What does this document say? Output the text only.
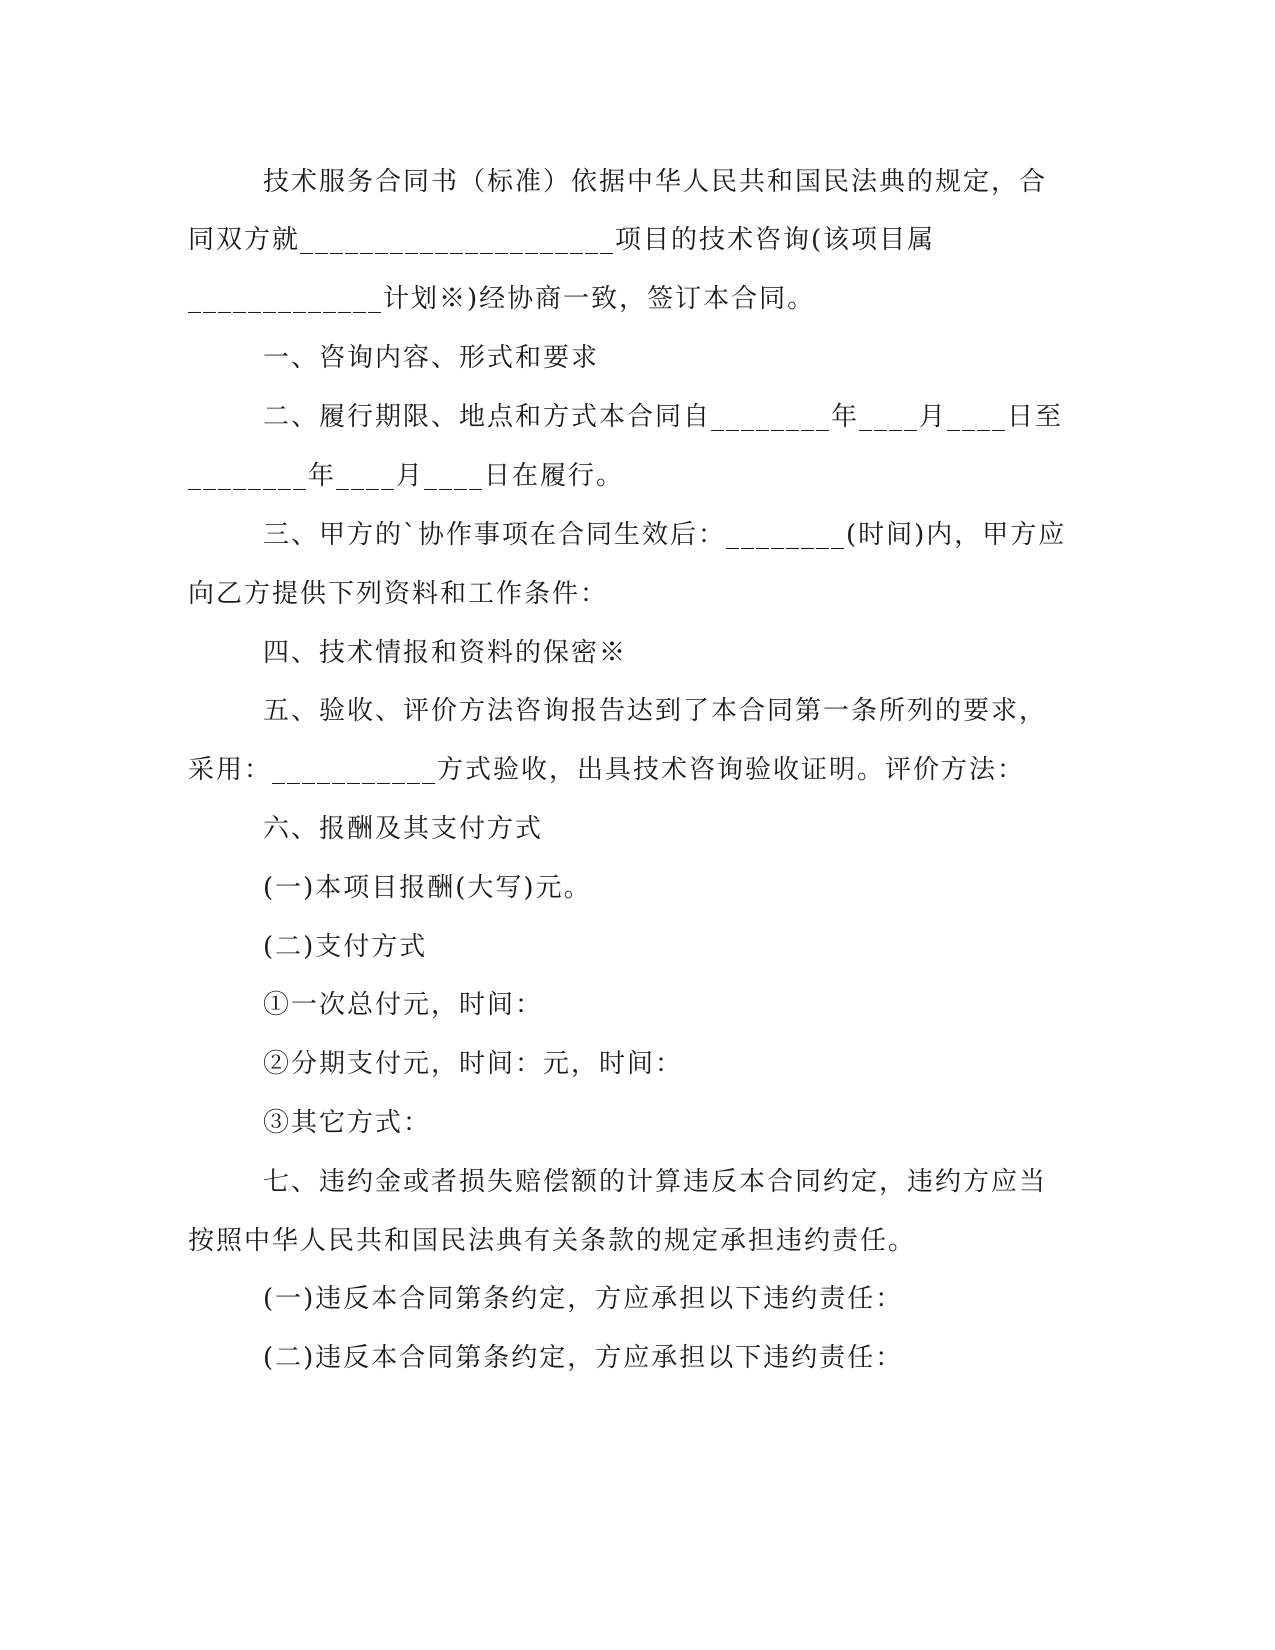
技术服务合同书（标准）依据中华人民共和国民法典的规定，合
同双方就_____________________项目的技术咨询(该项目属
_____________计划※)经协商一致，签订本合同。
一、咨询内容、形式和要求
二、履行期限、地点和方式本合同自________年____月____日至
________年____月____日在履行。
三、甲方的`协作事项在合同生效后：________(时间)内，甲方应
向乙方提供下列资料和工作条件：
四、技术情报和资料的保密※
五、验收、评价方法咨询报告达到了本合同第一条所列的要求，
采用：___________方式验收，出具技术咨询验收证明。评价方法：
六、报酬及其支付方式
(一)本项目报酬(大写)元。
(二)支付方式
①一次总付元，时间：
②分期支付元，时间：元，时间：
③其它方式：
七、违约金或者损失赔偿额的计算违反本合同约定，违约方应当
按照中华人民共和国民法典有关条款的规定承担违约责任。
(一)违反本合同第条约定，方应承担以下违约责任：
(二)违反本合同第条约定，方应承担以下违约责任：
